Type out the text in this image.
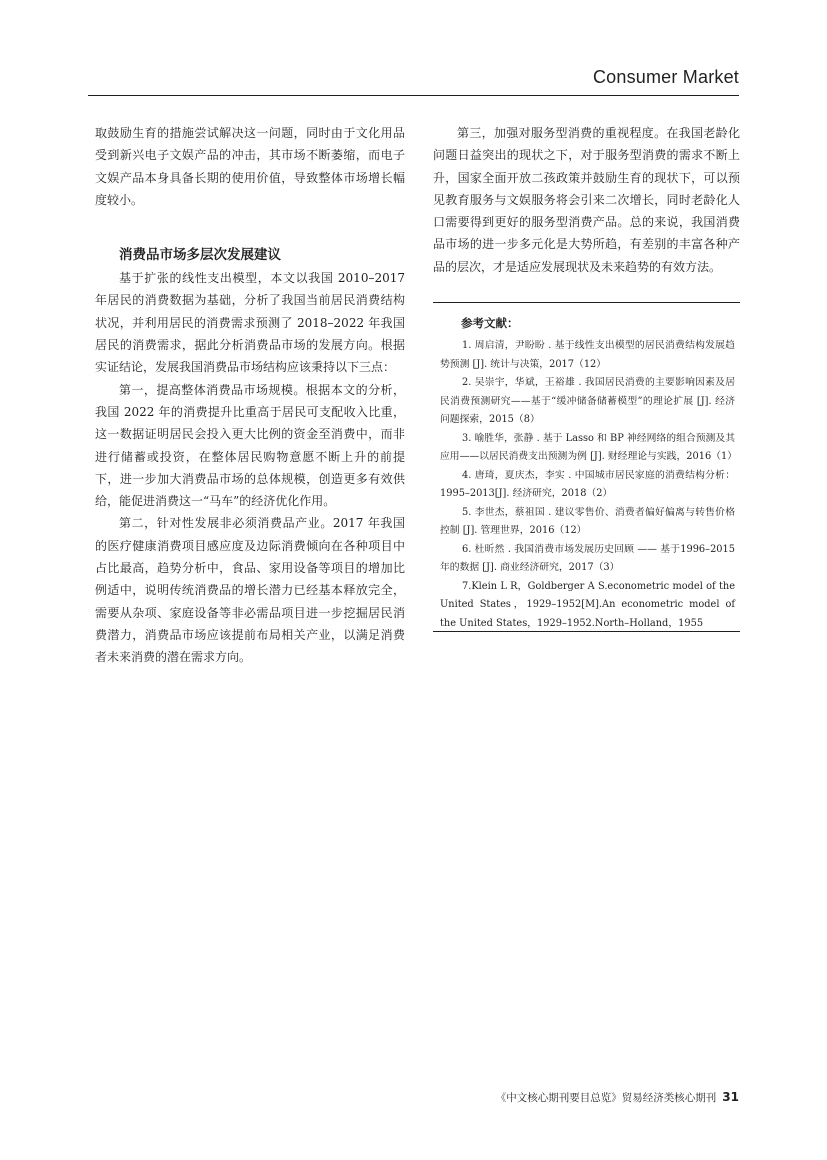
Consumer Market

取鼓励生育的措施尝试解决这一问题，同时由于文化用品受到新兴电子文娱产品的冲击，其市场不断萎缩，而电子文娱产品本身具备长期的使用价值，导致整体市场增长幅度较小。

消费品市场多层次发展建议

基于扩张的线性支出模型，本文以我国 2010–2017 年居民的消费数据为基础，分析了我国当前居民消费结构状况，并利用居民的消费需求预测了 2018–2022 年我国居民的消费需求，据此分析消费品市场的发展方向。根据实证结论，发展我国消费品市场结构应该秉持以下三点：

第一，提高整体消费品市场规模。根据本文的分析，我国 2022 年的消费提升比重高于居民可支配收入比重，这一数据证明居民会投入更大比例的资金至消费中，而非进行储蓄或投资，在整体居民购物意愿不断上升的前提下，进一步加大消费品市场的总体规模，创造更多有效供给，能促进消费这一“马车”的经济优化作用。

第二，针对性发展非必须消费品产业。2017 年我国的医疗健康消费项目感应度及边际消费倾向在各种项目中占比最高，趋势分析中，食品、家用设备等项目的增加比例适中，说明传统消费品的增长潜力已经基本释放完全，需要从杂项、家庭设备等非必需品项目进一步挖掘居民消费潜力，消费品市场应该提前布局相关产业，以满足消费者未来消费的潜在需求方向。

第三，加强对服务型消费的重视程度。在我国老龄化问题日益突出的现状之下，对于服务型消费的需求不断上升，国家全面开放二孩政策并鼓励生育的现状下，可以预见教育服务与文娱服务将会引来二次增长，同时老龄化人口需要得到更好的服务型消费产品。总的来说，我国消费品市场的进一步多元化是大势所趋，有差别的丰富各种产品的层次，才是适应发展现状及未来趋势的有效方法。

参考文献：

1. 周启清，尹盼盼 . 基于线性支出模型的居民消费结构发展趋势预测 [J]. 统计与决策，2017（12）

2. 吴崇宇，华斌，王裕雄 . 我国居民消费的主要影响因素及居民消费预测研究——基于“缓冲储备储蓄模型”的理论扩展 [J]. 经济问题探索，2015（8）

3. 喻胜华，张静 . 基于 Lasso 和 BP 神经网络的组合预测及其应用——以居民消费支出预测为例 [J]. 财经理论与实践，2016（1）

4. 唐琦，夏庆杰，李实 . 中国城市居民家庭的消费结构分析：1995–2013[J]. 经济研究，2018（2）

5. 李世杰，蔡祖国 . 建议零售价、消费者偏好偏离与转售价格控制 [J]. 管理世界，2016（12）

6. 杜昕然 . 我国消费市场发展历史回顾 —— 基于1996–2015 年的数据 [J]. 商业经济研究，2017（3）

7.Klein L R，Goldberger A S.econometric model of the United States，1929–1952[M].An econometric model of the United States，1929–1952.North–Holland，1955

《中文核心期刊要目总览》贸易经济类核心期刊 31
